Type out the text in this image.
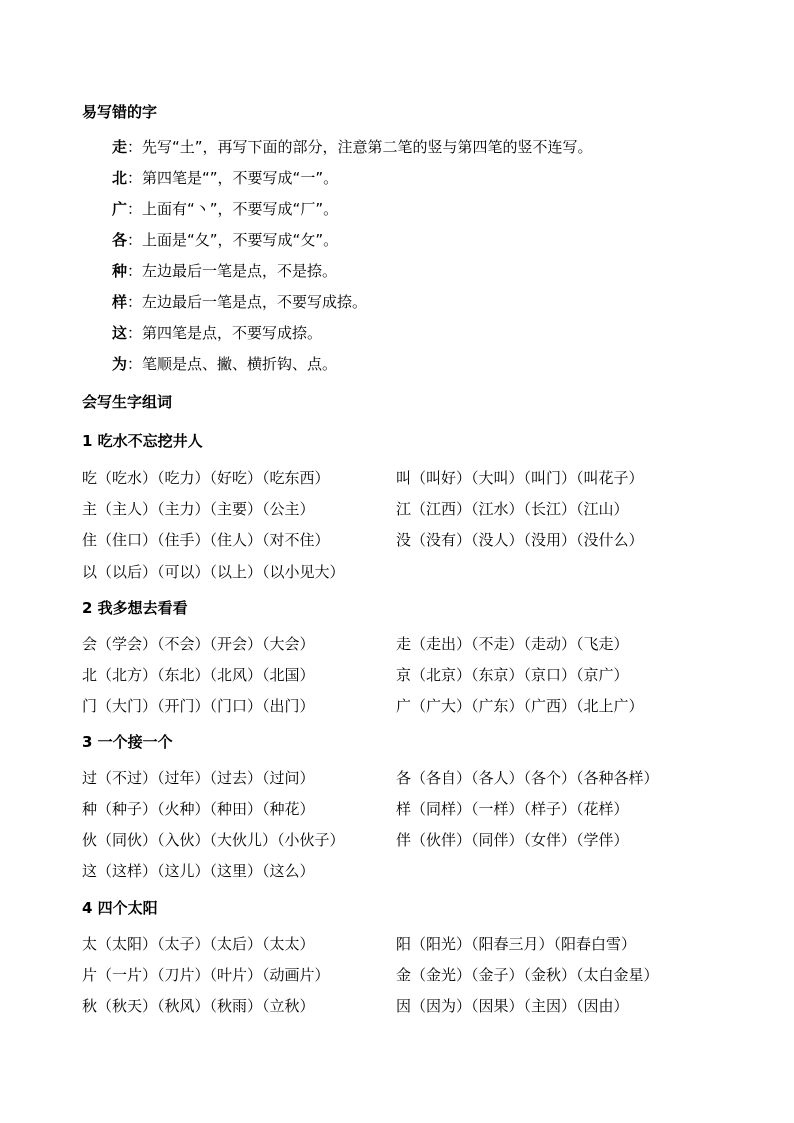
易写错的字
走：先写“土”，再写下面的部分，注意第二笔的竖与第四笔的竖不连写。
北：第四笔是“”，不要写成“一”。
广：上面有“丶”，不要写成“厂”。
各：上面是“夂”，不要写成“攵”。
种：左边最后一笔是点，不是捺。
样：左边最后一笔是点，不要写成捺。
这：第四笔是点，不要写成捺。
为：笔顺是点、撇、横折钩、点。
会写生字组词
1 吃水不忘挖井人
吃（吃水）（吃力）（好吃）（吃东西）	叫（叫好）（大叫）（叫门）（叫花子）
主（主人）（主力）（主要）（公主）	江（江西）（江水）（长江）（江山）
住（住口）（住手）（住人）（对不住）	没（没有）（没人）（没用）（没什么）
以（以后）（可以）（以上）（以小见大）
2 我多想去看看
会（学会）（不会）（开会）（大会）	走（走出）（不走）（走动）（飞走）
北（北方）（东北）（北风）（北国）	京（北京）（东京）（京口）（京广）
门（大门）（开门）（门口）（出门）	广（广大）（广东）（广西）（北上广）
3 一个接一个
过（不过）（过年）（过去）（过问）	各（各自）（各人）（各个）（各种各样）
种（种子）（火种）（种田）（种花）	样（同样）（一样）（样子）（花样）
伙（同伙）（入伙）（大伙儿）（小伙子）	伴（伙伴）（同伴）（女伴）（学伴）
这（这样）（这儿）（这里）（这么）
4 四个太阳
太（太阳）（太子）（太后）（太太）	阳（阳光）（阳春三月）（阳春白雪）
片（一片）（刀片）（叶片）（动画片）	金（金光）（金子）（金秋）（太白金星）
秋（秋天）（秋风）（秋雨）（立秋）	因（因为）（因果）（主因）（因由）
